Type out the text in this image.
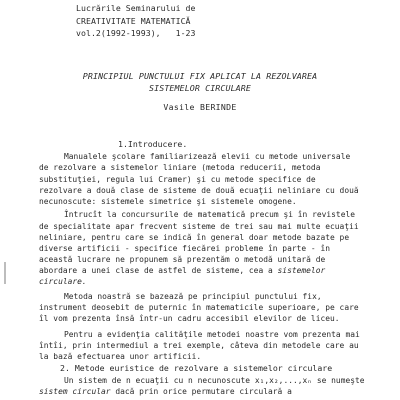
Lucrările Seminarului de
CREATIVITATE MATEMATICĂ
vol.2(1992-1993),   1-23
PRINCIPIUL PUNCTULUI FIX APLICAT LA REZOLVAREA
SISTEMELOR CIRCULARE
Vasile BERINDE
1.Introducere.
Manualele şcolare familiarizează elevii cu metode universale
de rezolvare a sistemelor liniare (metoda reducerii, metoda
substituţiei, regula lui Cramer) şi cu metode specifice de
rezolvare a două clase de sisteme de două ecuaţii neliniare cu două
necunoscute: sistemele simetrice şi sistemele omogene.
Întrucît la concursurile de matematică precum şi în revistele
de specialitate apar frecvent sisteme de trei sau mai multe ecuaţii
neliniare, pentru care se indică în general doar metode bazate pe
diverse artificii - specifice fiecărei probleme în parte - în
această lucrare ne propunem să prezentăm o metodă unitară de
abordare a unei clase de astfel de sisteme, cea a sistemelor
circulare.
Metoda noastră se bazează pe principiul punctului fix,
instrument deosebit de puternic în matematicile superioare, pe care
îl vom prezenta însă într-un cadru accesibil elevilor de liceu.
Pentru a evidenţia calităţile metodei noastre vom prezenta mai
întîi, prin intermediul a trei exemple, câteva din metodele care au
la bază efectuarea unor artificii.
2. Metode euristice de rezolvare a sistemelor circulare
Un sistem de n ecuaţii cu n necunoscute x₁,x₂,...,xₙ se numeşte
sistem circular dacă prin orice permutare circulară a
